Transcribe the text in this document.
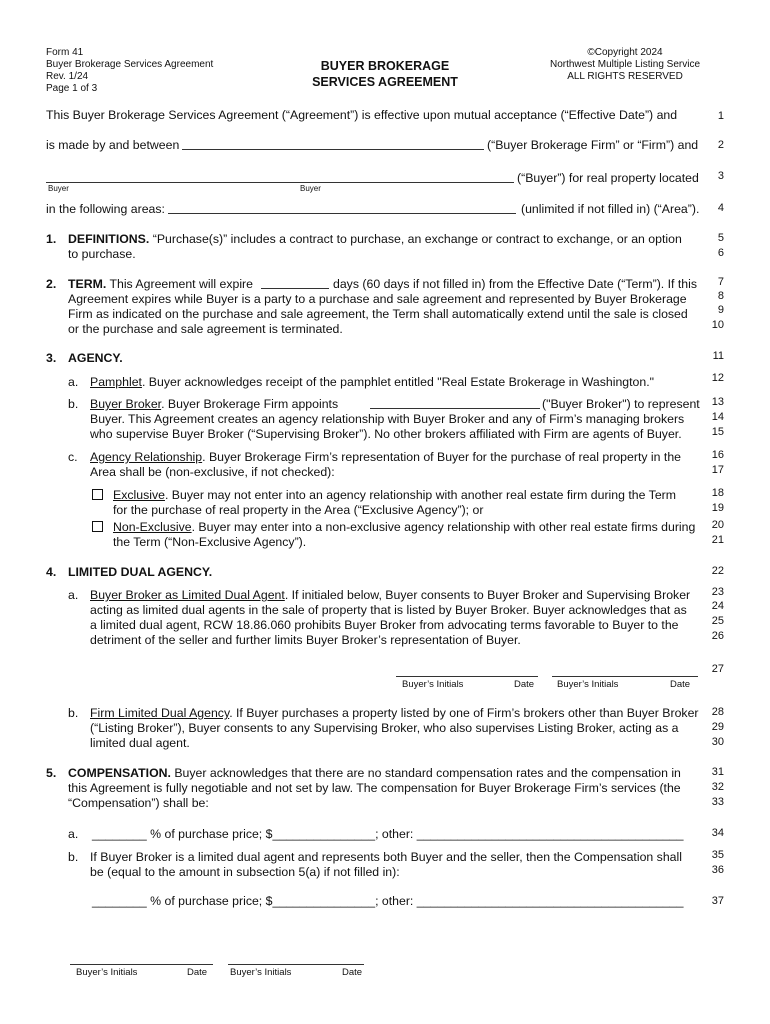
Form 41
Buyer Brokerage Services Agreement
Rev. 1/24
Page 1 of 3
BUYER BROKERAGE
SERVICES AGREEMENT
©Copyright 2024
Northwest Multiple Listing Service
ALL RIGHTS RESERVED
This Buyer Brokerage Services Agreement (“Agreement”) is effective upon mutual acceptance (“Effective Date”) and
is made by and between	(“Buyer Brokerage Firm” or “Firm”) and
(“Buyer”) for real property located
Buyer	Buyer
in the following areas:	(unlimited if not filled in) (“Area”).
1. DEFINITIONS. “Purchase(s)” includes a contract to purchase, an exchange or contract to exchange, or an option
to purchase.
2. TERM. This Agreement will expire	days (60 days if not filled in) from the Effective Date (“Term”). If this
Agreement expires while Buyer is a party to a purchase and sale agreement and represented by Buyer Brokerage
Firm as indicated on the purchase and sale agreement, the Term shall automatically extend until the sale is closed
or the purchase and sale agreement is terminated.
3. AGENCY.
a. Pamphlet. Buyer acknowledges receipt of the pamphlet entitled "Real Estate Brokerage in Washington."
b. Buyer Broker. Buyer Brokerage Firm appoints	("Buyer Broker") to represent
Buyer. This Agreement creates an agency relationship with Buyer Broker and any of Firm’s managing brokers
who supervise Buyer Broker (“Supervising Broker”). No other brokers affiliated with Firm are agents of Buyer.
c. Agency Relationship. Buyer Brokerage Firm’s representation of Buyer for the purchase of real property in the
Area shall be (non-exclusive, if not checked):
Exclusive. Buyer may not enter into an agency relationship with another real estate firm during the Term
for the purchase of real property in the Area (“Exclusive Agency”); or
Non-Exclusive. Buyer may enter into a non-exclusive agency relationship with other real estate firms during
the Term (“Non-Exclusive Agency”).
4. LIMITED DUAL AGENCY.
a. Buyer Broker as Limited Dual Agent. If initialed below, Buyer consents to Buyer Broker and Supervising Broker
acting as limited dual agents in the sale of property that is listed by Buyer Broker. Buyer acknowledges that as
a limited dual agent, RCW 18.86.060 prohibits Buyer Broker from advocating terms favorable to Buyer to the
detriment of the seller and further limits Buyer Broker’s representation of Buyer.
Buyer’s Initials	Date Buyer’s Initials	Date
b. Firm Limited Dual Agency. If Buyer purchases a property listed by one of Firm’s brokers other than Buyer Broker
(“Listing Broker”), Buyer consents to any Supervising Broker, who also supervises Listing Broker, acting as a
limited dual agent.
5. COMPENSATION. Buyer acknowledges that there are no standard compensation rates and the compensation in
this Agreement is fully negotiable and not set by law. The compensation for Buyer Brokerage Firm’s services (the
“Compensation”) shall be:
a. ________ % of purchase price; $_______________; other: _______________________________________
b. If Buyer Broker is a limited dual agent and represents both Buyer and the seller, then the Compensation shall
be (equal to the amount in subsection 5(a) if not filled in):
________ % of purchase price; $_______________; other: _______________________________________
Buyer’s Initials	Date Buyer’s Initials	Date
1
2
3
4
5
6
7
8
9
10
11
12
13
14
15
16
17
18
19
20
21
22
23
24
25
26
27
28
29
30
31
32
33
34
35
36
37
